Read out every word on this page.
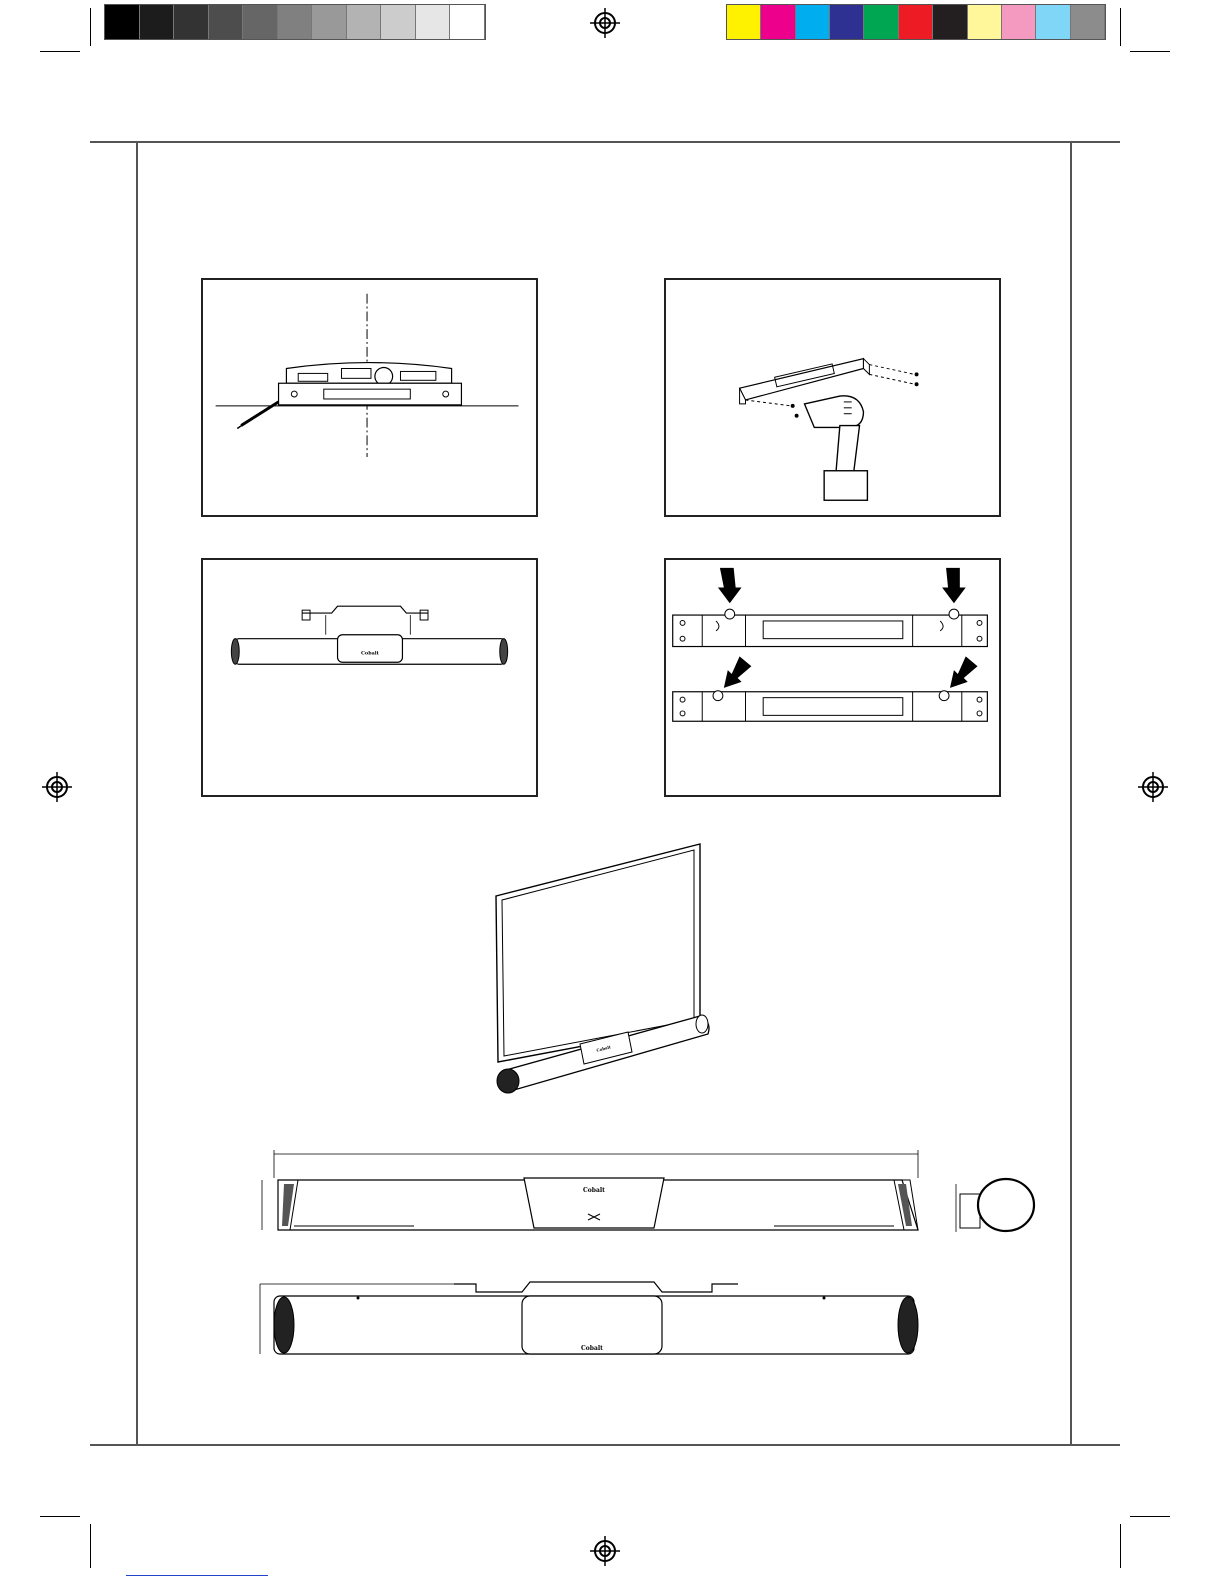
Cobalt
Cobalt
Cobalt
Cobalt
